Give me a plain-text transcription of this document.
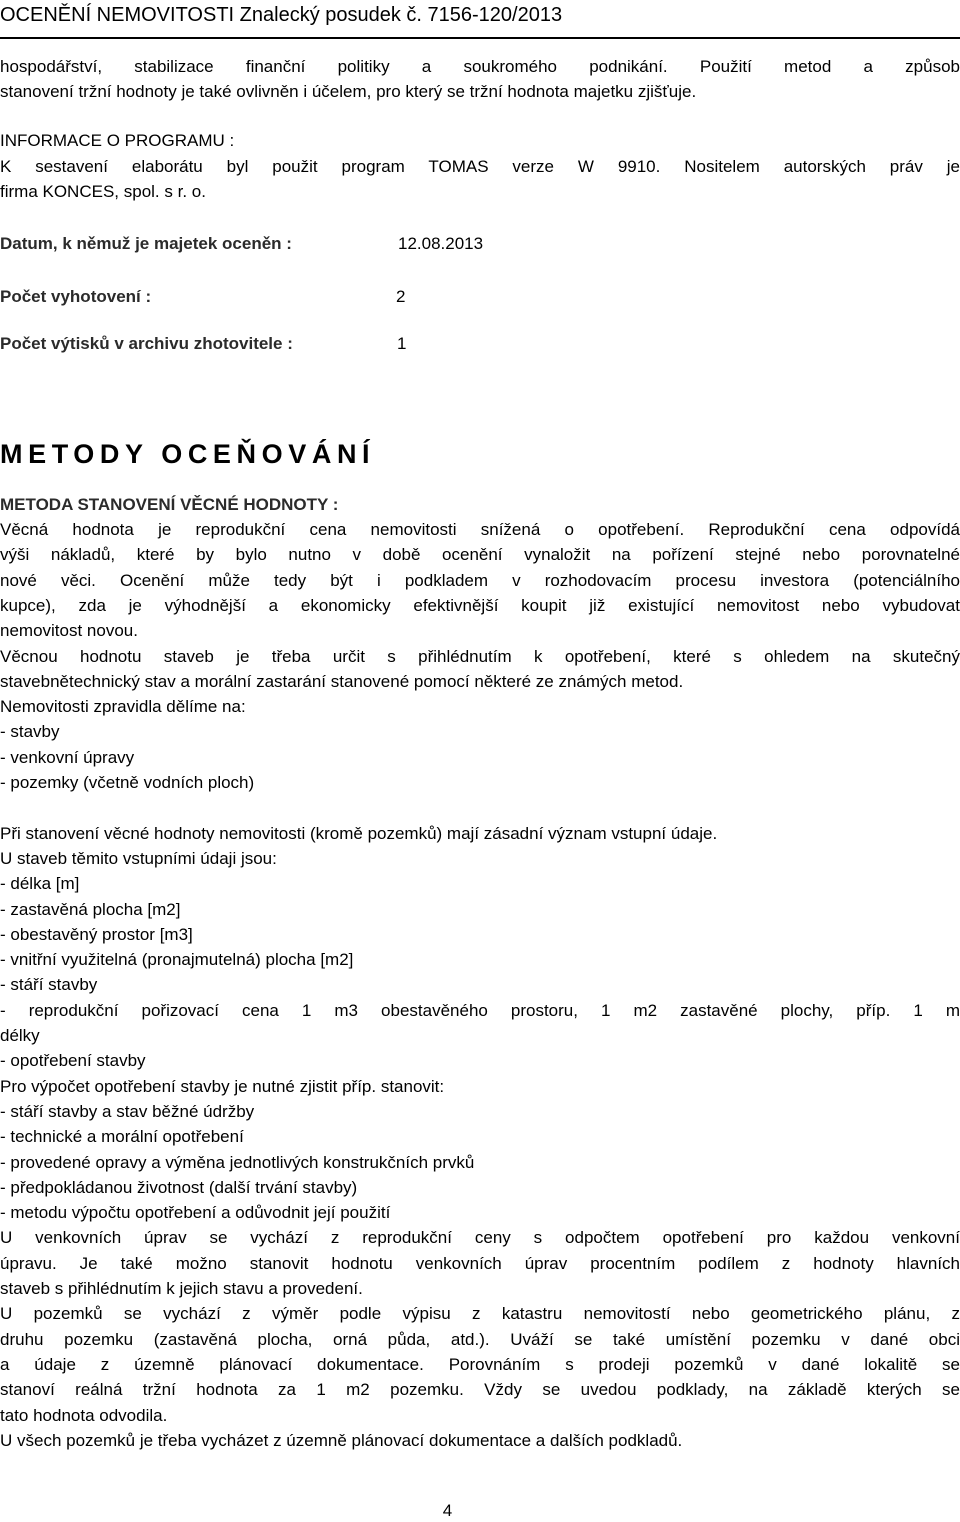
OCENĚNÍ NEMOVITOSTI Znalecký posudek č. 7156-120/2013

hospodářství, stabilizace finanční politiky a soukromého podnikání. Použití metod a způsob

stanovení tržní hodnoty je také ovlivněn i účelem, pro který se tržní hodnota majetku zjišťuje.

INFORMACE O PROGRAMU :

K sestavení elaborátu byl použit program TOMAS verze W 9910. Nositelem autorských práv je

firma KONCES, spol. s r. o.

Datum, k němuž je majetek oceněn :	12.08.2013

Počet vyhotovení :	2

Počet výtisků v archivu zhotovitele :	1
METODY OCEŇOVÁNÍ

METODA STANOVENÍ VĚCNÉ HODNOTY :

Věcná hodnota je reprodukční cena nemovitosti snížená o opotřebení. Reprodukční cena odpovídá

výši nákladů, které by bylo nutno v době ocenění vynaložit na pořízení stejné nebo porovnatelné

nové věci. Ocenění může tedy být i podkladem v rozhodovacím procesu investora (potenciálního

kupce), zda je výhodnější a ekonomicky efektivnější koupit již existující nemovitost nebo vybudovat

nemovitost novou.

Věcnou hodnotu staveb je třeba určit s přihlédnutím k opotřebení, které s ohledem na skutečný

stavebnětechnický stav a morální zastarání stanovené pomocí některé ze známých metod.

Nemovitosti zpravidla dělíme na:

- stavby

- venkovní úpravy

- pozemky (včetně vodních ploch)

Při stanovení věcné hodnoty nemovitosti (kromě pozemků) mají zásadní význam vstupní údaje.

U staveb těmito vstupními údaji jsou:

- délka [m]

- zastavěná plocha [m2]

- obestavěný prostor [m3]

- vnitřní využitelná (pronajmutelná) plocha [m2]

- stáří stavby

- reprodukční pořizovací cena 1 m3 obestavěného prostoru, 1 m2 zastavěné plochy, příp. 1 m

délky

- opotřebení stavby

Pro výpočet opotřebení stavby je nutné zjistit příp. stanovit:

- stáří stavby a stav běžné údržby

- technické a morální opotřebení

- provedené opravy a výměna jednotlivých konstrukčních prvků

- předpokládanou životnost (další trvání stavby)

- metodu výpočtu opotřebení a odůvodnit její použití

U venkovních úprav se vychází z reprodukční ceny s odpočtem opotřebení pro každou venkovní

úpravu. Je také možno stanovit hodnotu venkovních úprav procentním podílem z hodnoty hlavních

staveb s přihlédnutím k jejich stavu a provedení.

U pozemků se vychází z výměr podle výpisu z katastru nemovitostí nebo geometrického plánu, z

druhu pozemku (zastavěná plocha, orná půda, atd.). Uváží se také umístění pozemku v dané obci

a údaje z územně plánovací dokumentace. Porovnáním s prodeji pozemků v dané lokalitě se

stanoví reálná tržní hodnota za 1 m2 pozemku. Vždy se uvedou podklady, na základě kterých se

tato hodnota odvodila.

U všech pozemků je třeba vycházet z územně plánovací dokumentace a dalších podkladů.

4
